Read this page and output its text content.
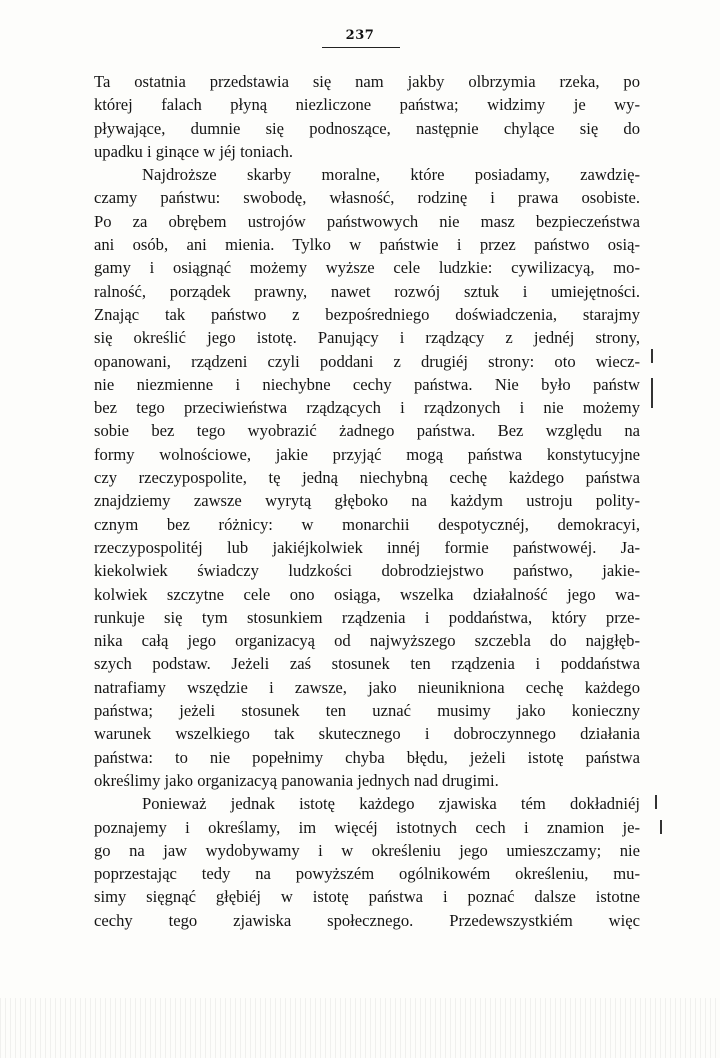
237
Ta ostatnia przedstawia się nam jakby olbrzymia rzeka, po
której falach płyną niezliczone państwa; widzimy je wy-
pływające, dumnie się podnoszące, następnie chylące się do
upadku i ginące w jéj toniach.
Najdroższe skarby moralne, które posiadamy, zawdzię-
czamy państwu: swobodę, własność, rodzinę i prawa osobiste.
Po za obrębem ustrojów państwowych nie masz bezpieczeństwa
ani osób, ani mienia. Tylko w państwie i przez państwo osią-
gamy i osiągnąć możemy wyższe cele ludzkie: cywilizacyą, mo-
ralność, porządek prawny, nawet rozwój sztuk i umiejętności.
Znając tak państwo z bezpośredniego doświadczenia, starajmy
się określić jego istotę. Panujący i rządzący z jednéj strony,
opanowani, rządzeni czyli poddani z drugiéj strony: oto wiecz-
nie niezmienne i niechybne cechy państwa. Nie było państw
bez tego przeciwieństwa rządzących i rządzonych i nie możemy
sobie bez tego wyobrazić żadnego państwa. Bez względu na
formy wolnościowe, jakie przyjąć mogą państwa konstytucyjne
czy rzeczypospolite, tę jedną niechybną cechę każdego państwa
znajdziemy zawsze wyrytą głęboko na każdym ustroju polity-
cznym bez różnicy: w monarchii despotycznéj, demokracyi,
rzeczypospolitéj lub jakiéjkolwiek innéj formie państwowéj. Ja-
kiekolwiek świadczy ludzkości dobrodziejstwo państwo, jakie-
kolwiek szczytne cele ono osiąga, wszelka działalność jego wa-
runkuje się tym stosunkiem rządzenia i poddaństwa, który prze-
nika całą jego organizacyą od najwyższego szczebla do najgłęb-
szych podstaw. Jeżeli zaś stosunek ten rządzenia i poddaństwa
natrafiamy wszędzie i zawsze, jako nieunikniona cechę każdego
państwa; jeżeli stosunek ten uznać musimy jako konieczny
warunek wszelkiego tak skutecznego i dobroczynnego działania
państwa: to nie popełnimy chyba błędu, jeżeli istotę państwa
określimy jako organizacyą panowania jednych nad drugimi.
Ponieważ jednak istotę każdego zjawiska tém dokładniéj
poznajemy i określamy, im więcéj istotnych cech i znamion je-
go na jaw wydobywamy i w określeniu jego umieszczamy; nie
poprzestając tedy na powyższém ogólnikowém określeniu, mu-
simy sięgnąć głębiéj w istotę państwa i poznać dalsze istotne
cechy tego zjawiska społecznego. Przedewszystkiém więc
